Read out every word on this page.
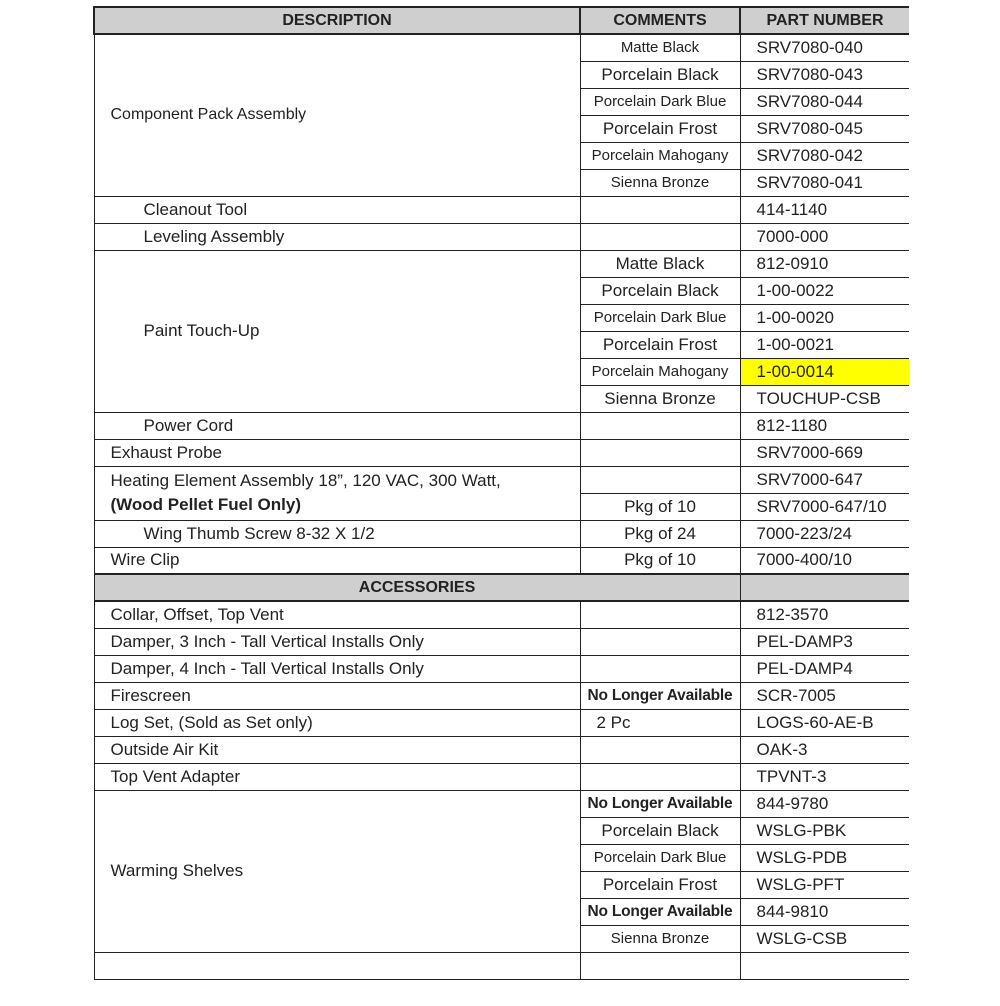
DESCRIPTION	COMMENTS	PART NUMBER
Component Pack Assembly	Matte Black	SRV7080-040
	Porcelain Black	SRV7080-043
	Porcelain Dark Blue	SRV7080-044
	Porcelain Frost	SRV7080-045
	Porcelain Mahogany	SRV7080-042
	Sienna Bronze	SRV7080-041
Cleanout Tool		414-1140
Leveling Assembly		7000-000
Paint Touch-Up	Matte Black	812-0910
	Porcelain Black	1-00-0022
	Porcelain Dark Blue	1-00-0020
	Porcelain Frost	1-00-0021
	Porcelain Mahogany	1-00-0014
	Sienna Bronze	TOUCHUP-CSB
Power Cord		812-1180
Exhaust Probe		SRV7000-669

Heating Element Assembly 18”, 120 VAC, 300 Watt,
(Wood Pellet Fuel Only)		SRV7000-647
	Pkg of 10	SRV7000-647/10
Wing Thumb Screw 8-32 X 1/2	Pkg of 24	7000-223/24
Wire Clip	Pkg of 10	7000-400/10
ACCESSORIES		
Collar, Offset, Top Vent		812-3570
Damper, 3 Inch - Tall Vertical Installs Only		PEL-DAMP3
Damper, 4 Inch - Tall Vertical Installs Only		PEL-DAMP4
Firescreen	No Longer Available	SCR-7005
Log Set, (Sold as Set only)	2 Pc	LOGS-60-AE-B
Outside Air Kit		OAK-3
Top Vent Adapter		TPVNT-3
Warming Shelves	No Longer Available	844-9780
	Porcelain Black	WSLG-PBK
	Porcelain Dark Blue	WSLG-PDB
	Porcelain Frost	WSLG-PFT
	No Longer Available	844-9810
	Sienna Bronze	WSLG-CSB
